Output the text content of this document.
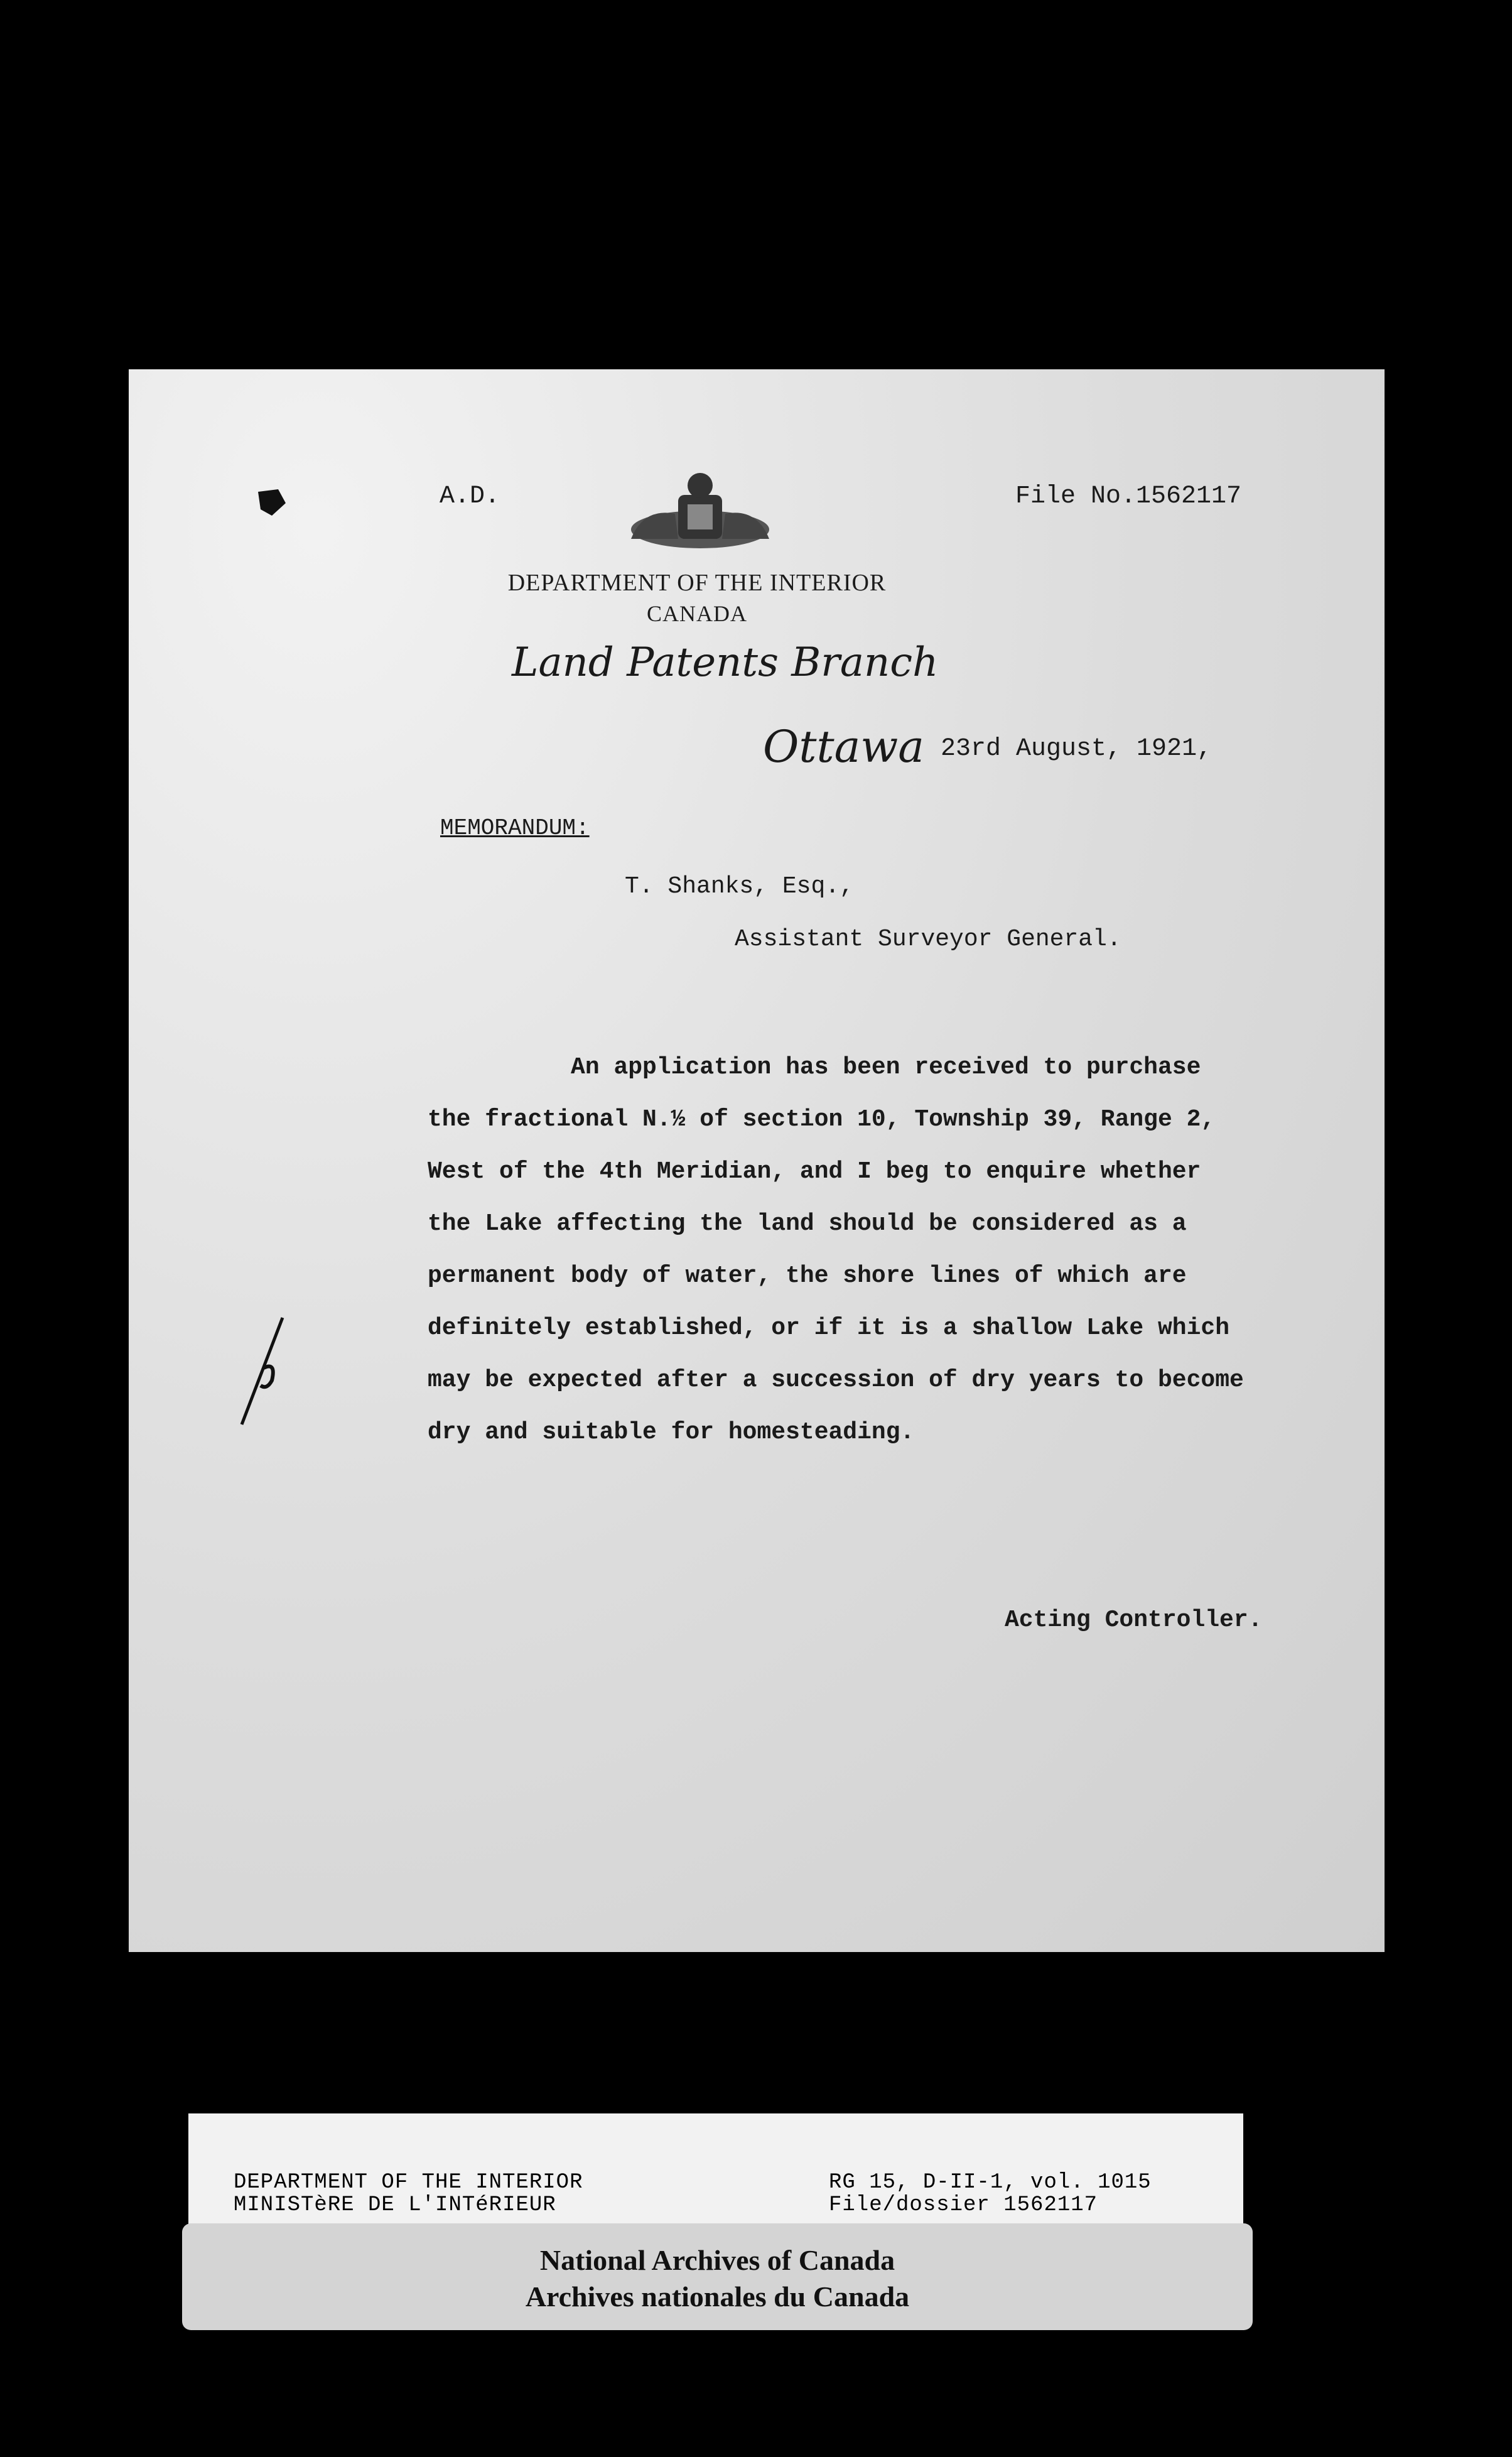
A.D.	File No.1562117
DEPARTMENT OF THE INTERIOR
CANADA
Land Patents Branch
Ottawa 23rd August, 1921,
MEMORANDUM:
T. Shanks, Esq.,
Assistant Surveyor General.

An application has been received to purchase

the fractional N.½ of section 10, Township 39, Range 2,

West of the 4th Meridian, and I beg to enquire whether

the Lake affecting the land should be considered as a

permanent body of water, the shore lines of which are

definitely established, or if it is a shallow Lake which

may be expected after a succession of dry years to become

dry and suitable for homesteading.

Acting Controller.
DEPARTMENT OF THE INTERIOR
MINISTèRE DE L'INTéRIEUR
RG 15, D-II-1, vol. 1015
File/dossier 1562117
National Archives of Canada
Archives nationales du Canada
